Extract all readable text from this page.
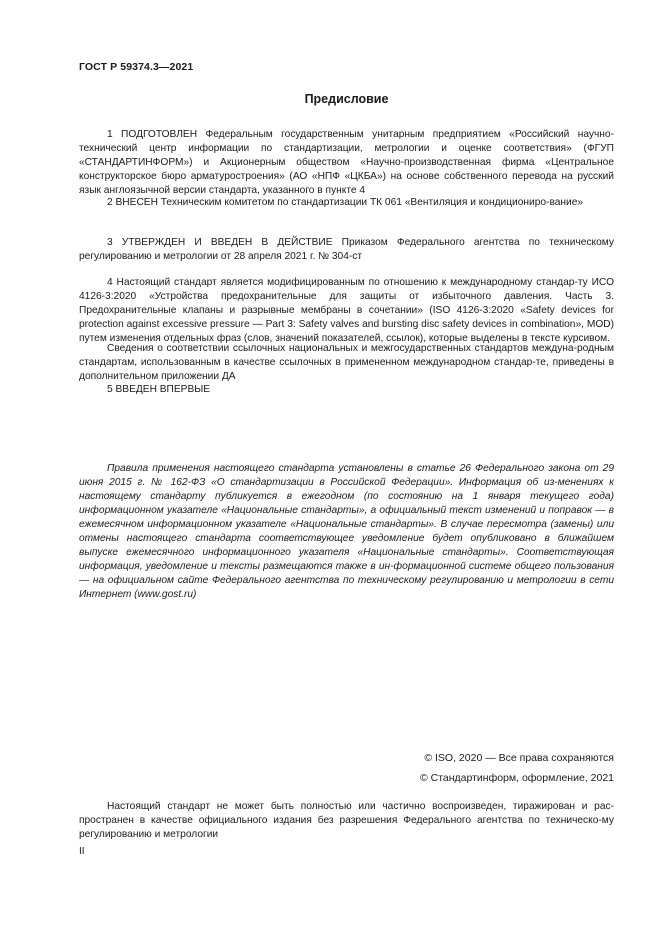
ГОСТ Р 59374.3—2021
Предисловие
1 ПОДГОТОВЛЕН Федеральным государственным унитарным предприятием «Российский научно-технический центр информации по стандартизации, метрологии и оценке соответствия» (ФГУП «СТАНДАРТИНФОРМ») и Акционерным обществом «Научно-производственная фирма «Центральное конструкторское бюро арматуростроения» (АО «НПФ «ЦКБА») на основе собственного перевода на русский язык англоязычной версии стандарта, указанного в пункте 4
2 ВНЕСЕН Техническим комитетом по стандартизации ТК 061 «Вентиляция и кондициониро-вание»
3 УТВЕРЖДЕН И ВВЕДЕН В ДЕЙСТВИЕ Приказом Федерального агентства по техническому регулированию и метрологии от 28 апреля 2021 г. № 304-ст
4 Настоящий стандарт является модифицированным по отношению к международному стандар-ту ИСО 4126-3:2020 «Устройства предохранительные для защиты от избыточного давления. Часть 3. Предохранительные клапаны и разрывные мембраны в сочетании» (ISO 4126-3:2020 «Safety devices for protection against excessive pressure — Part 3: Safety valves and bursting disc safety devices in combination», MOD) путем изменения отдельных фраз (слов, значений показателей, ссылок), которые выделены в тексте курсивом.
Сведения о соответствии ссылочных национальных и межгосударственных стандартов междуна-родным стандартам, использованным в качестве ссылочных в примененном международном стандар-те, приведены в дополнительном приложении ДА
5 ВВЕДЕН ВПЕРВЫЕ
Правила применения настоящего стандарта установлены в статье 26 Федерального закона от 29 июня 2015 г. № 162-ФЗ «О стандартизации в Российской Федерации». Информация об из-менениях к настоящему стандарту публикуется в ежегодном (по состоянию на 1 января текущего года) информационном указателе «Национальные стандарты», а официальный текст изменений и поправок — в ежемесячном информационном указателе «Национальные стандарты». В случае пересмотра (замены) или отмены настоящего стандарта соответствующее уведомление будет опубликовано в ближайшем выпуске ежемесячного информационного указателя «Национальные стандарты». Соответствующая информация, уведомление и тексты размещаются также в ин-формационной системе общего пользования — на официальном сайте Федерального агентства по техническому регулированию и метрологии в сети Интернет (www.gost.ru)
© ISO, 2020 — Все права сохраняются
© Стандартинформ, оформление, 2021
Настоящий стандарт не может быть полностью или частично воспроизведен, тиражирован и рас-пространен в качестве официального издания без разрешения Федерального агентства по техническо-му регулированию и метрологии
II
